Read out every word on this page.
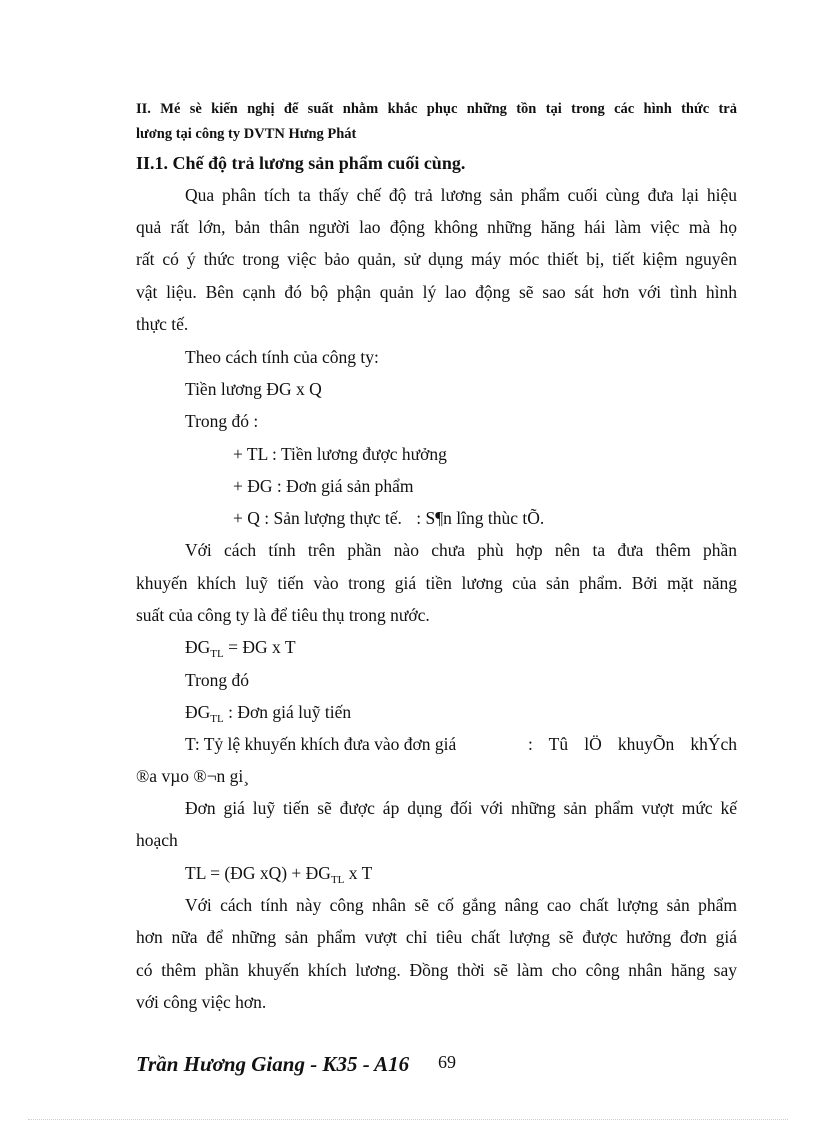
II. Mé sè kiến nghị để suất nhằm khắc phục những tồn tại trong các hình thức trả
lương tại công ty DVTN Hưng Phát
II.1. Chế độ trả lương sản phẩm cuối cùng.
Qua phân tích ta thấy chế độ trả lương sản phẩm cuối cùng đưa lại hiệu
quả rất lớn, bản thân người lao động không những hăng hái làm việc mà họ
rất có ý thức trong việc bảo quản, sử dụng máy móc thiết bị, tiết kiệm nguyên
vật liệu. Bên cạnh đó bộ phận quản lý lao động sẽ sao sát hơn với tình hình
thực tế.
Theo cách tính của công ty:
Tiền lương ĐG x Q
Trong đó :
+ TL : Tiền lương được hưởng
+ ĐG : Đơn giá sản phẩm
+ Q : Sản lượng thực tế. : S¶n lîng thùc tÕ.
Với cách tính trên phần nào chưa phù hợp nên ta đưa thêm phần
khuyến khích luỹ tiến vào trong giá tiền lương của sản phẩm. Bởi mặt năng
suất của công ty là để tiêu thụ trong nước.
$ĐG_{TL}$ = ĐG x T
Trong đó
$ĐG_{TL}$ : Đơn giá luỹ tiến
T: Tỷ lệ khuyến khích đưa vào đơn giá	: Tû lÖ khuyÕn khÝch
®a vµo ®¬n gi¸
Đơn giá luỹ tiến sẽ được áp dụng đối với những sản phẩm vượt mức kế
hoạch
TL = (ĐG $xQ) + ĐG_{TL}$ x T
Với cách tính này công nhân sẽ cố gắng nâng cao chất lượng sản phẩm
hơn nữa để những sản phẩm vượt chỉ tiêu chất lượng sẽ được hưởng đơn giá
có thêm phần khuyến khích lương. Đồng thời sẽ làm cho công nhân hăng say
với công việc hơn.
Trần Hương Giang - K35 - A16 69
